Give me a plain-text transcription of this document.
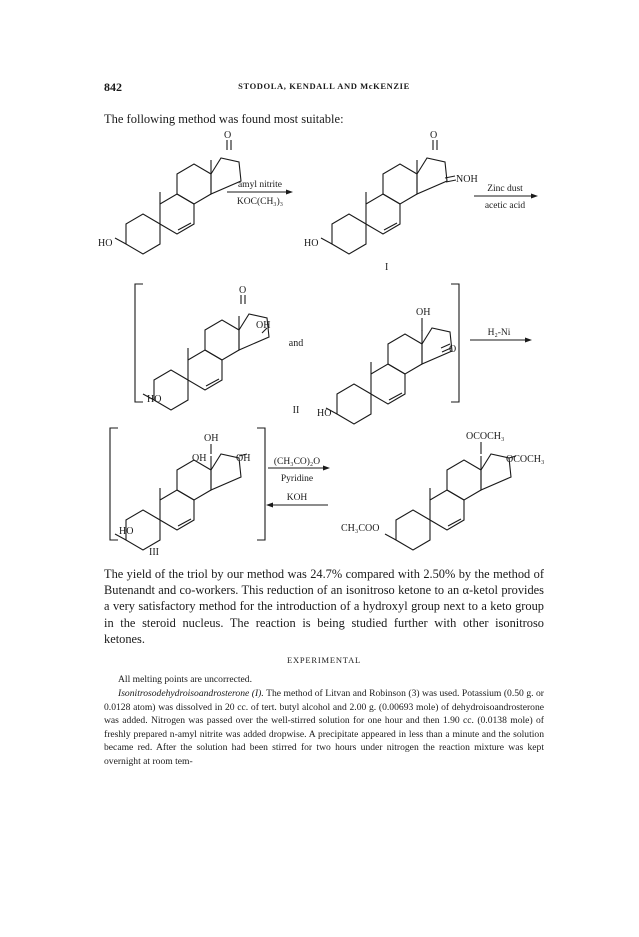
842	STODOLA, KENDALL AND McKENZIE
The following method was found most suitable:
O
HO
amyl nitrite
KOC(CH₃)₃
O
NOH
HO
I
Zinc dust
acetic acid
O
OH
HO
and
OH
O
HO
H₂-Ni
II
OH
OH
OH
HO
(CH₃CO)₂O
Pyridine
KOH
OCOCH₃
OCOCH₃
CH₃COO
III

The yield of the triol by our method was 24.7% compared with 2.50% by the method of Butenandt and co-workers. This reduction of an isonitroso ketone to an α-ketol provides a very satisfactory method for the introduction of a hydroxyl group next to a keto group in the steroid nucleus. The reaction is being studied further with other isonitroso ketones.

EXPERIMENTAL
All melting points are uncorrected.
Isonitrosodehydroisoandrosterone (I). The method of Litvan and Robinson (3) was used. Potassium (0.50 g. or 0.0128 atom) was dissolved in 20 cc. of tert. butyl alcohol and 2.00 g. (0.00693 mole) of dehydroisoandrosterone was added. Nitrogen was passed over the well-stirred solution for one hour and then 1.90 cc. (0.0138 mole) of freshly prepared n-amyl nitrite was added dropwise. A precipitate appeared in less than a minute and the solution became red. After the solution had been stirred for two hours under nitrogen the reaction mixture was kept overnight at room tem-
